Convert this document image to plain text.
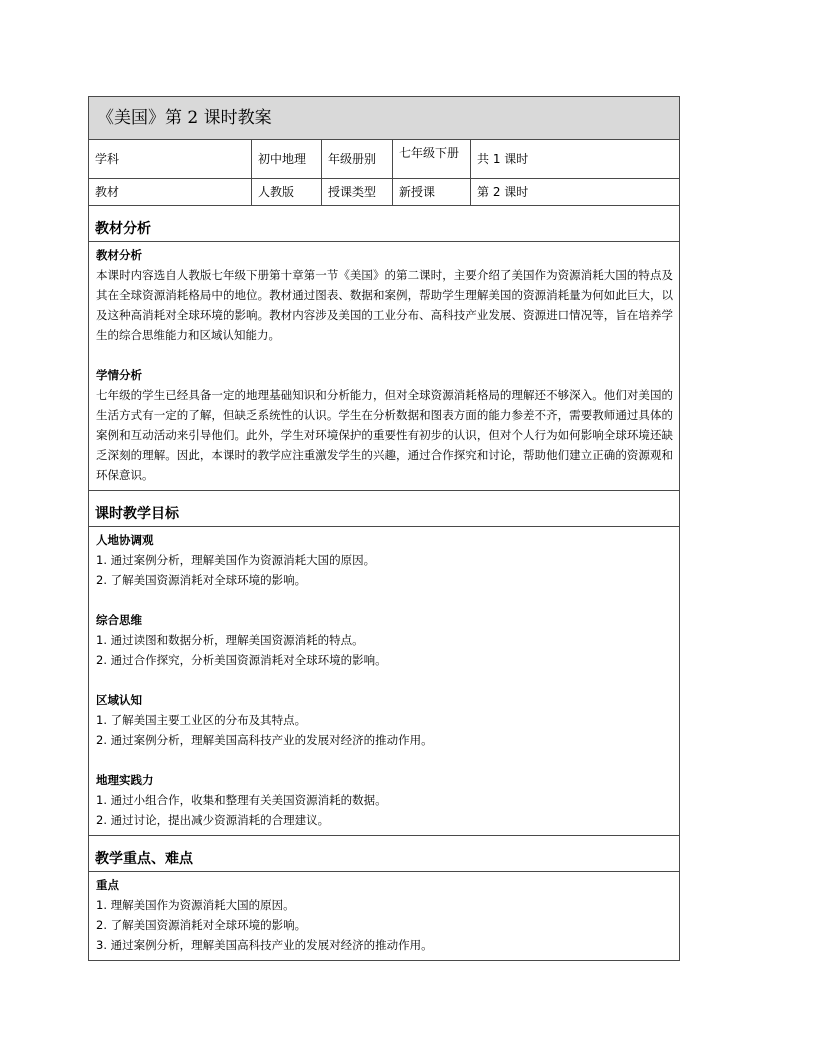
《美国》第 2 课时教案
学科	初中地理	年级册别	七年级下册	共 1 课时
教材	人教版	授课类型	新授课	第 2 课时
教材分析
教材分析
本课时内容选自人教版七年级下册第十章第一节《美国》的第二课时，主要介绍了美国作为资源消耗大国的特点及其在全球资源消耗格局中的地位。教材通过图表、数据和案例，帮助学生理解美国的资源消耗量为何如此巨大，以及这种高消耗对全球环境的影响。教材内容涉及美国的工业分布、高科技产业发展、资源进口情况等，旨在培养学生的综合思维能力和区域认知能力。
学情分析
七年级的学生已经具备一定的地理基础知识和分析能力，但对全球资源消耗格局的理解还不够深入。他们对美国的生活方式有一定的了解，但缺乏系统性的认识。学生在分析数据和图表方面的能力参差不齐，需要教师通过具体的案例和互动活动来引导他们。此外，学生对环境保护的重要性有初步的认识，但对个人行为如何影响全球环境还缺乏深刻的理解。因此，本课时的教学应注重激发学生的兴趣，通过合作探究和讨论，帮助他们建立正确的资源观和环保意识。
课时教学目标
人地协调观
1. 通过案例分析，理解美国作为资源消耗大国的原因。
2. 了解美国资源消耗对全球环境的影响。
综合思维
1. 通过读图和数据分析，理解美国资源消耗的特点。
2. 通过合作探究，分析美国资源消耗对全球环境的影响。
区域认知
1. 了解美国主要工业区的分布及其特点。
2. 通过案例分析，理解美国高科技产业的发展对经济的推动作用。
地理实践力
1. 通过小组合作，收集和整理有关美国资源消耗的数据。
2. 通过讨论，提出减少资源消耗的合理建议。
教学重点、难点
重点
1. 理解美国作为资源消耗大国的原因。
2. 了解美国资源消耗对全球环境的影响。
3. 通过案例分析，理解美国高科技产业的发展对经济的推动作用。
